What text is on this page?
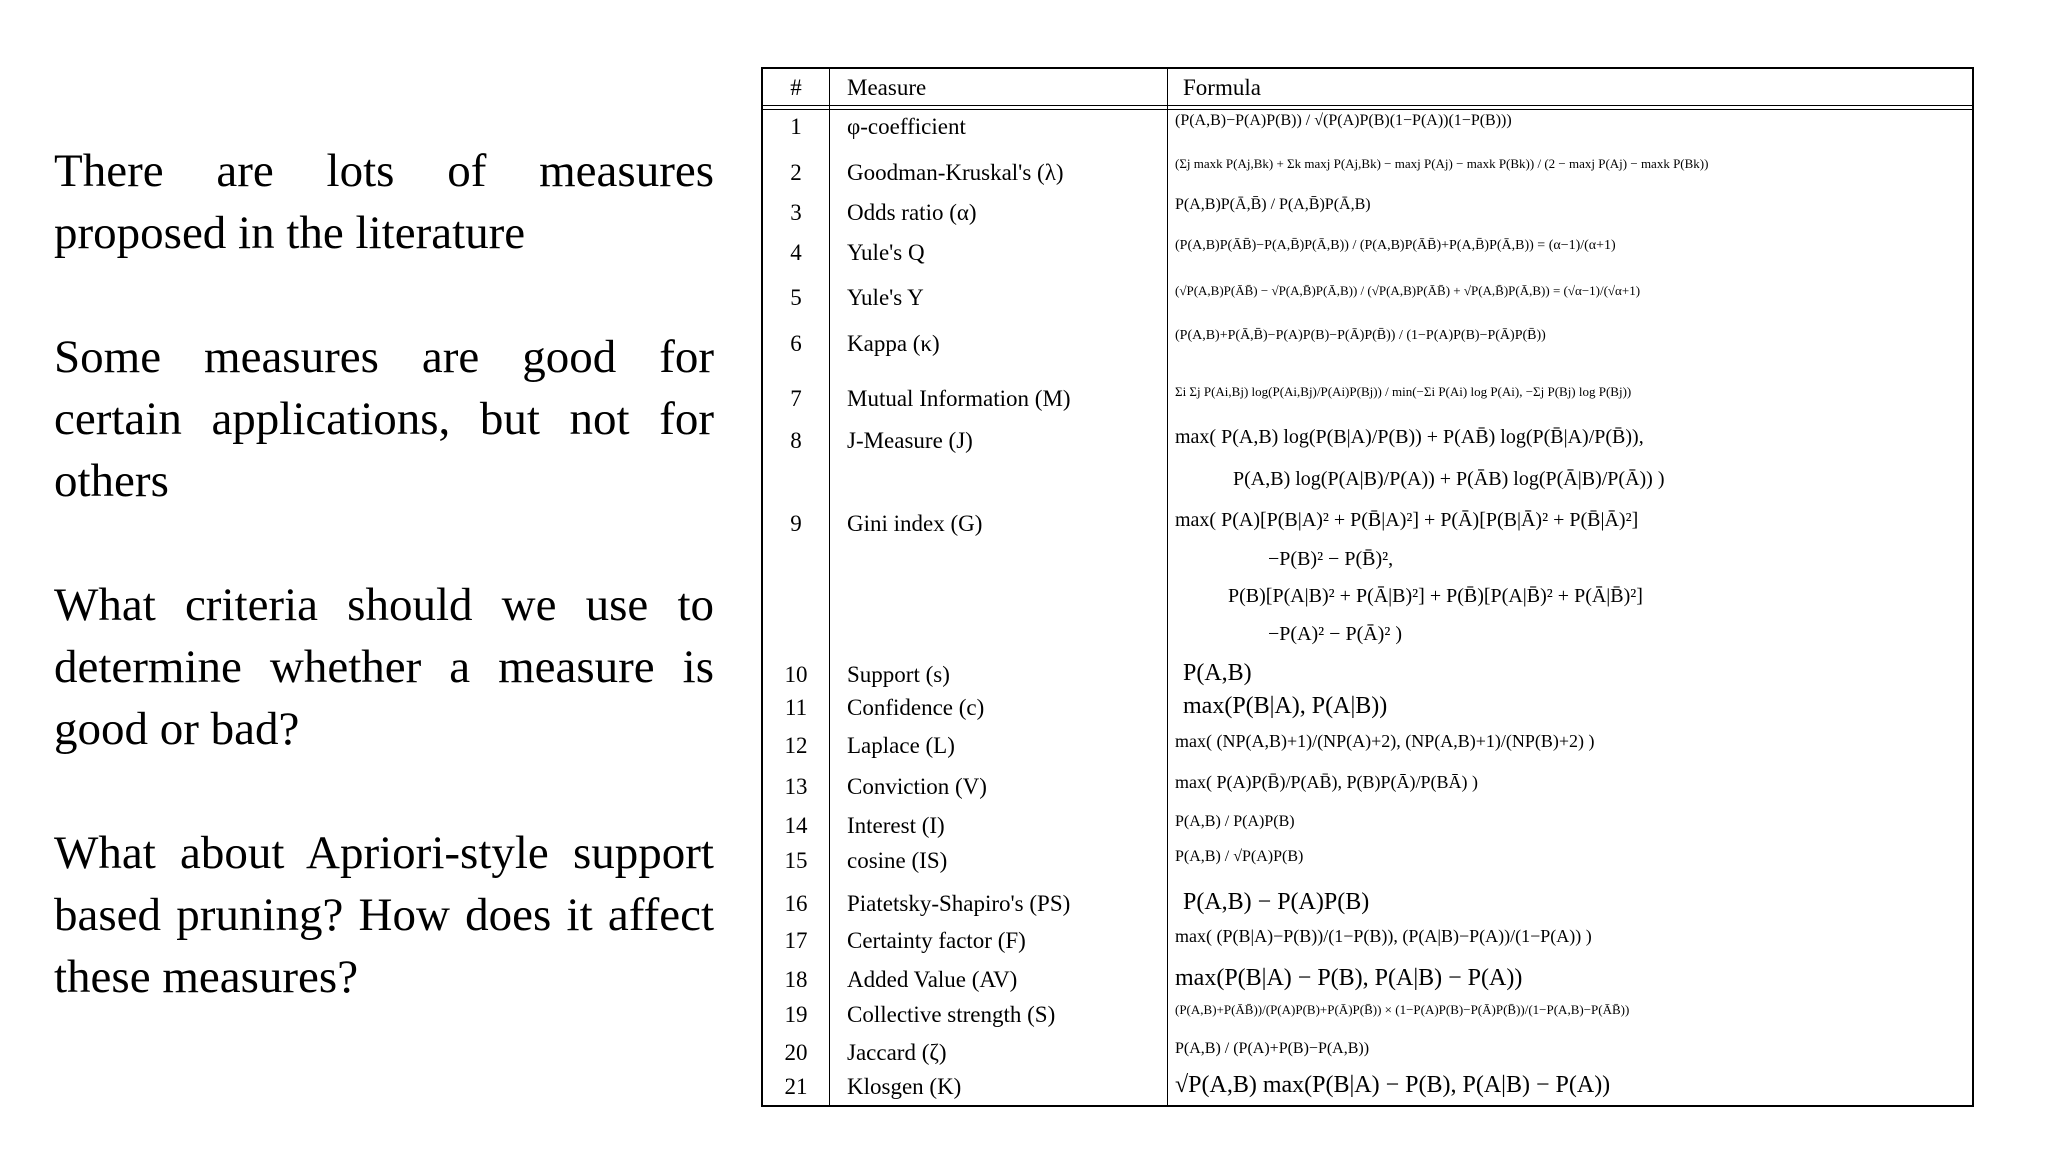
There are lots of measures proposed in the literature

Some measures are good for certain applications, but not for others

What criteria should we use to determine whether a measure is good or bad?

What about Apriori-style support based pruning? How does it affect these measures?

#	Measure	Formula
1	φ-coefficient	(P(A,B)−P(A)P(B)) / √(P(A)P(B)(1−P(A))(1−P(B)))
2	Goodman-Kruskal's (λ)	(Σj maxk P(Aj,Bk) + Σk maxj P(Aj,Bk) − maxj P(Aj) − maxk P(Bk)) / (2 − maxj P(Aj) − maxk P(Bk))
3	Odds ratio (α)	P(A,B)P(Ā,B̄) / P(A,B̄)P(Ā,B)
4	Yule's Q	(P(A,B)P(ĀB̄)−P(A,B̄)P(Ā,B)) / (P(A,B)P(ĀB̄)+P(A,B̄)P(Ā,B)) = (α−1)/(α+1)
5	Yule's Y	(√P(A,B)P(ĀB̄) − √P(A,B̄)P(Ā,B)) / (√P(A,B)P(ĀB̄) + √P(A,B̄)P(Ā,B)) = (√α−1)/(√α+1)
6	Kappa (κ)	(P(A,B)+P(Ā,B̄)−P(A)P(B)−P(Ā)P(B̄)) / (1−P(A)P(B)−P(Ā)P(B̄))
7	Mutual Information (M)	Σi Σj P(Ai,Bj) log(P(Ai,Bj)/P(Ai)P(Bj)) / min(−Σi P(Ai) log P(Ai), −Σj P(Bj) log P(Bj))
8	J-Measure (J)	max( P(A,B) log(P(B|A)/P(B)) + P(AB̄) log(P(B̄|A)/P(B̄)),
P(A,B) log(P(A|B)/P(A)) + P(ĀB) log(P(Ā|B)/P(Ā)) )
9	Gini index (G)	max( P(A)[P(B|A)² + P(B̄|A)²] + P(Ā)[P(B|Ā)² + P(B̄|Ā)²]
−P(B)² − P(B̄)²,
P(B)[P(A|B)² + P(Ā|B)²] + P(B̄)[P(A|B̄)² + P(Ā|B̄)²]
−P(A)² − P(Ā)² )
10	Support (s)	P(A,B)
11	Confidence (c)	max(P(B|A), P(A|B))
12	Laplace (L)	max( (NP(A,B)+1)/(NP(A)+2), (NP(A,B)+1)/(NP(B)+2) )
13	Conviction (V)	max( P(A)P(B̄)/P(AB̄), P(B)P(Ā)/P(BĀ) )
14	Interest (I)	P(A,B) / P(A)P(B)
15	cosine (IS)	P(A,B) / √P(A)P(B)
16	Piatetsky-Shapiro's (PS)	P(A,B) − P(A)P(B)
17	Certainty factor (F)	max( (P(B|A)−P(B))/(1−P(B)), (P(A|B)−P(A))/(1−P(A)) )
18	Added Value (AV)	max(P(B|A) − P(B), P(A|B) − P(A))
19	Collective strength (S)	(P(A,B)+P(ĀB̄))/(P(A)P(B)+P(Ā)P(B̄)) × (1−P(A)P(B)−P(Ā)P(B̄))/(1−P(A,B)−P(ĀB̄))
20	Jaccard (ζ)	P(A,B) / (P(A)+P(B)−P(A,B))
21	Klosgen (K)	√P(A,B) max(P(B|A) − P(B), P(A|B) − P(A))
